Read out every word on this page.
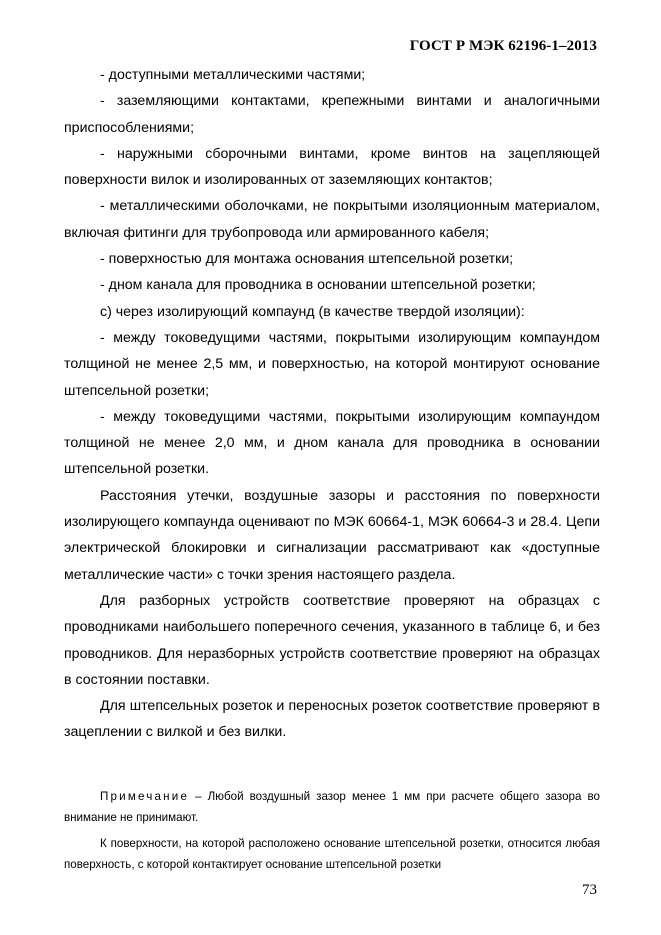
ГОСТ Р МЭК 62196-1–2013

- доступными металлическими частями;

- заземляющими контактами, крепежными винтами и аналогичными приспособлениями;

- наружными сборочными винтами, кроме винтов на зацепляющей поверхности вилок и изолированных от заземляющих контактов;

- металлическими оболочками, не покрытыми изоляционным материалом, включая фитинги для трубопровода или армированного кабеля;

- поверхностью для монтажа основания штепсельной розетки;

- дном канала для проводника в основании штепсельной розетки;

с) через изолирующий компаунд (в качестве твердой изоляции):

- между токоведущими частями, покрытыми изолирующим компаундом толщиной не менее 2,5 мм, и поверхностью, на которой монтируют основание штепсельной розетки;

- между токоведущими частями, покрытыми изолирующим компаундом толщиной не менее 2,0 мм, и дном канала для проводника в основании штепсельной розетки.

Расстояния утечки, воздушные зазоры и расстояния по поверхности изолирующего компаунда оценивают по МЭК 60664-1, МЭК 60664-3 и 28.4. Цепи электрической блокировки и сигнализации рассматривают как «доступные металлические части» с точки зрения настоящего раздела.

Для разборных устройств соответствие проверяют на образцах с проводниками наибольшего поперечного сечения, указанного в таблице 6, и без проводников. Для неразборных устройств соответствие проверяют на образцах в состоянии поставки.

Для штепсельных розеток и переносных розеток соответствие проверяют в зацеплении с вилкой и без вилки.

Примечание – Любой воздушный зазор менее 1 мм при расчете общего зазора во внимание не принимают.

К поверхности, на которой расположено основание штепсельной розетки, относится любая поверхность, с которой контактирует основание штепсельной розетки

73
